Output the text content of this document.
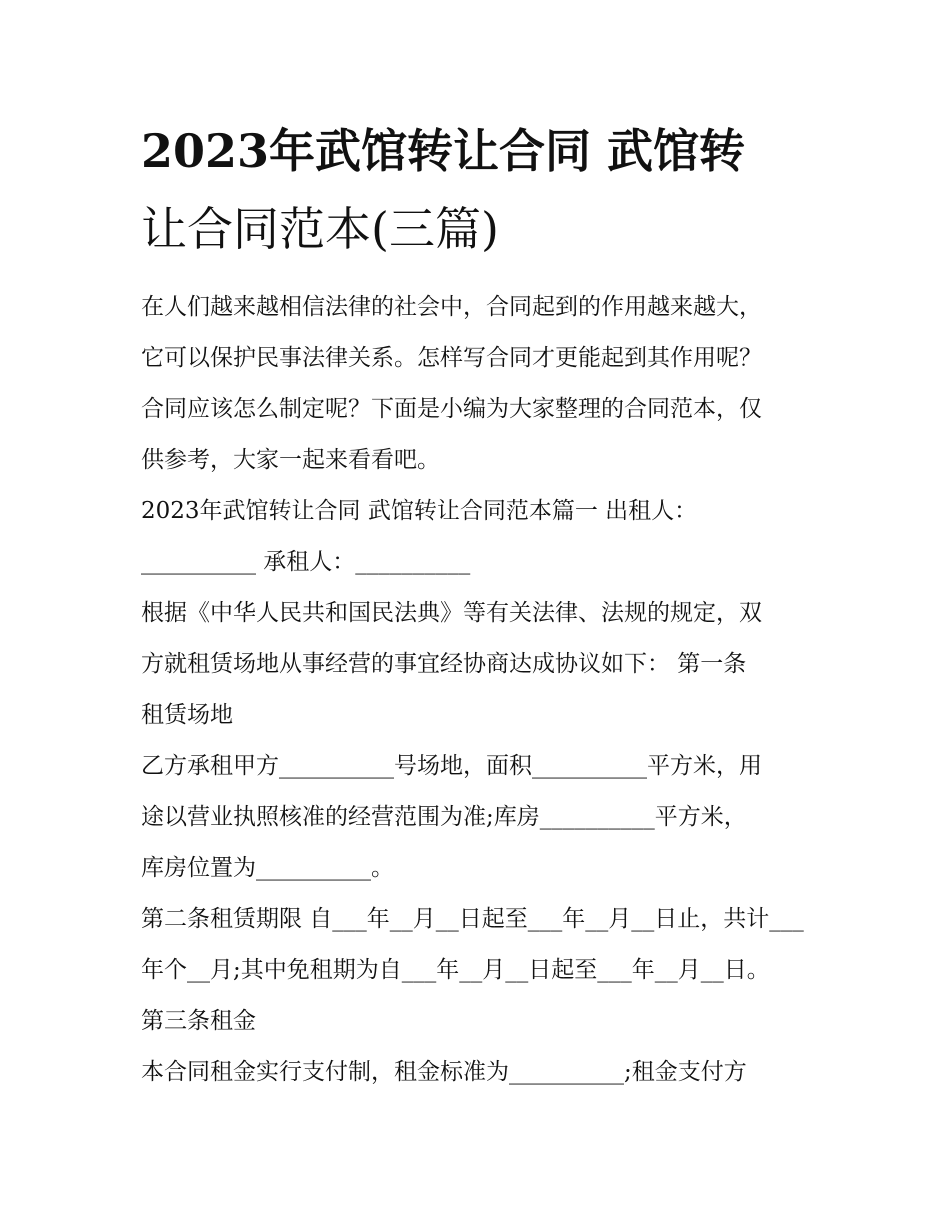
2023年武馆转让合同 武馆转
让合同范本(三篇)
在人们越来越相信法律的社会中，合同起到的作用越来越大，
它可以保护民事法律关系。怎样写合同才更能起到其作用呢？
合同应该怎么制定呢？下面是小编为大家整理的合同范本，仅
供参考，大家一起来看看吧。
2023年武馆转让合同 武馆转让合同范本篇一 出租人：
__________ 承租人：__________
根据《中华人民共和国民法典》等有关法律、法规的规定，双
方就租赁场地从事经营的事宜经协商达成协议如下： 第一条
租赁场地
乙方承租甲方__________号场地，面积__________平方米，用
途以营业执照核准的经营范围为准;库房__________平方米，
库房位置为__________。
第二条租赁期限 自___年__月__日起至___年__月__日止，共计___
年个__月;其中免租期为自___年__月__日起至___年__月__日。
第三条租金
本合同租金实行支付制，租金标准为__________;租金支付方
